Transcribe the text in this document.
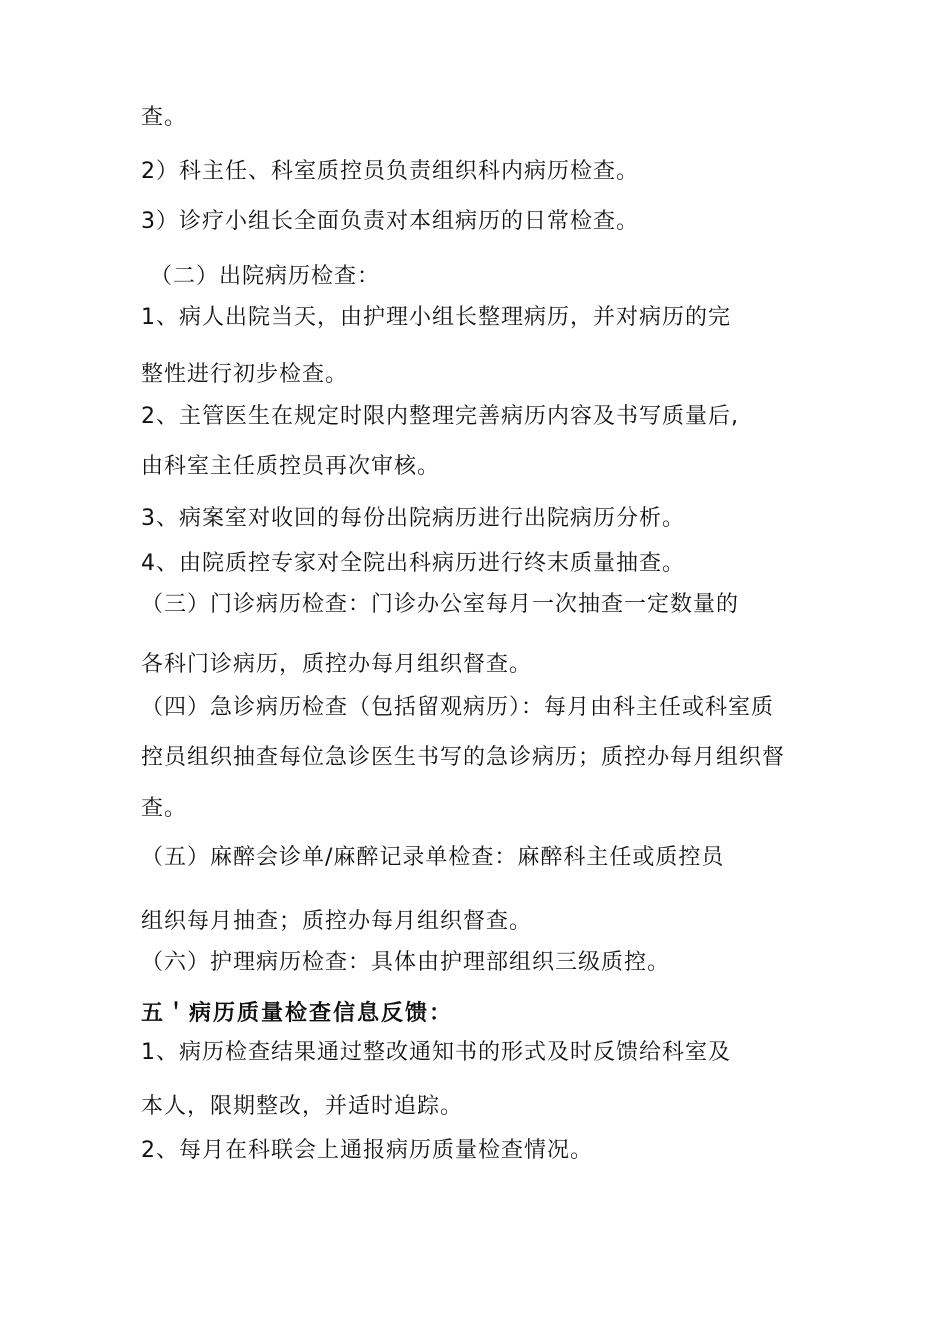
查。
2）科主任、科室质控员负责组织科内病历检查。
3）诊疗小组长全面负责对本组病历的日常检查。
（二）出院病历检查：
1、病人出院当天，由护理小组长整理病历，并对病历的完
整性进行初步检查。
2、主管医生在规定时限内整理完善病历内容及书写质量后,
由科室主任质控员再次审核。
3、病案室对收回的每份出院病历进行出院病历分析。
4、由院质控专家对全院出科病历进行终末质量抽查。
（三）门诊病历检查：门诊办公室每月一次抽查一定数量的
各科门诊病历，质控办每月组织督查。
（四）急诊病历检查（包括留观病历）：每月由科主任或科室质
控员组织抽查每位急诊医生书写的急诊病历；质控办每月组织督
查。
（五）麻醉会诊单/麻醉记录单检查：麻醉科主任或质控员
组织每月抽查；质控办每月组织督查。
（六）护理病历检查：具体由护理部组织三级质控。
五＇病历质量检查信息反馈：
1、病历检查结果通过整改通知书的形式及时反馈给科室及
本人，限期整改，并适时追踪。
2、每月在科联会上通报病历质量检查情况。
